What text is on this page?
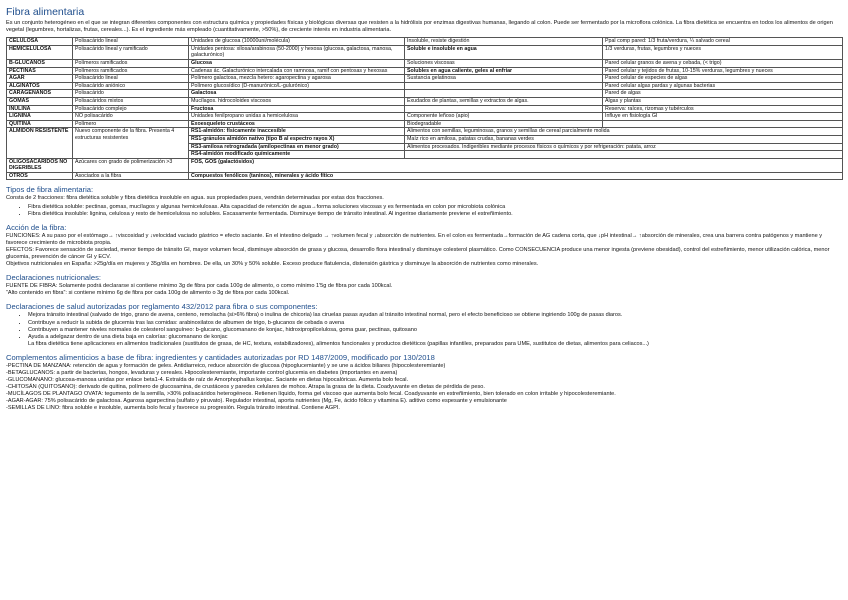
Fibra alimentaria

Es un conjunto heterogéneo en el que se integran diferentes componentes con estructura química y propiedades físicas y biológicas diversas que resisten a la hidrólisis por enzimas digestivas humanas, llegando al colon. Puede ser fermentado por la microflora colónica. La fibra dietética se encuentra en todos los alimentos de origen vegetal (legumbres, hortalizas, frutas, cereales...). Es el ingrediente más empleado (cuantitativamente, >50%), de creciente interés en industria alimentaria.

CELULOSA	Polisacárido lineal	Unidades de glucosa (10000uni/molécula)	Insoluble, resiste digestión	Ppal comp pared: 1/3 fruta/verdura, ¼ salvado cereal
HEMICELULOSA	Polisacárido lineal y ramificado	Unidades pentosa: xilosa/arabinosa (50-2000) y hexosa (glucosa, galactosa, manosa, galacturónico)	Soluble e insoluble en agua	1/3 verduras, frutas, legumbres y nueces
B-GLUCANOS	Polímeros ramificados	Glucosa	Soluciones viscosas	Pared celular granos de avena y cebada, (< trigo)
PECTINAS	Polímeros ramificados	Cadenas ác. Galacturónico intercalada con ramnosa, ramif con pentosas y hexosas	Solubles en agua caliente, geles al enfriar	Pared celular y tejidos de frutas, 10-15% verduras, legumbres y nueces
AGAR	Polisacárido lineal	Polímero galactosa, mezcla hetero: agaropectina y agarosa	Sustancia gelatinosa	Pared celular de especies de algas
ALGINATOS	Polisacárido aniónico	Polímero glucosídico (D-manurónico/L-gulurónico)		Pared celular algas pardas y algunas bacterias
CARAGENANOS	Polisacárido	Galactosa		Pared de algas
GOMAS	Polisacáridos mixtos	Mucílagos. hidrocoloides viscosos	Exudados de plantas, semillas y extractos de algas.	Algas y plantas
INULINA	Polisacárido complejo	Fructosa		Reserva: raíces, rizomas y tubérculos
LIGNINA	NO polisacárido	Unidades fenilpropano unidas a hemicelulosa	Componente leñoso (apio)	Influye en fisiología GI
QUITINA	Polímero	Exoesqueleto crustáceos	Biodegradable	
ALMIDÓN RESISTENTE	Nuevo componente de la fibra. Presenta 4 estructuras resistentes	RS1-almidón: físicamente inaccesible	Alimentos con semillas, leguminosas, granos y semillas de cereal parcialmente molida	
		RS1-gránulos almidón nativo (tipo B al espectro rayos X)	Maíz rico en amilosa, patatas crudas, bananas verdes	
		RS3-amilosa retrogradada (amilopectinas en menor grado)	Alimentos procesados. Indigeribles mediante procesos físicos o químicos y por refrigeración: patata, arroz	
		RS4-almidón modificado químicamente		
OLIGOSACÁRIDOS NO DIGERIBLES	Azúcares con grado de polimerización >3	FOS, GOS (galactósidos)		
OTROS	Asociados a la fibra	Compuestos fenólicos (taninos), minerales y ácido fítico		
Tipos de fibra alimentaria:

Consta de 2 fracciones: fibra dietética soluble y fibra dietética insoluble en agua. sus propiedades pues, vendrán determinadas por estas dos fracciones.

• Fibra dietética soluble: pectinas, gomas, mucílagos y algunas hemicelulosas. Alta capacidad de retención de agua→forma soluciones viscosas y es fermentada en colon por microbiota colónica
• Fibra dietética insoluble: lignina, celulosa y resto de hemicelulosa no solubles. Escasamente fermentada. Disminuye tiempo de tránsito intestinal. Al ingerirse diariamente previene el estreñimiento.
Acción de la fibra:

FUNCIONES: A su paso por el estómago→ ↑viscosidad y ↓velocidad vaciado gástrico = efecto saciante. En el intestino delgado → ↑volumen fecal y ↓absorción de nutrientes. En el colon es fermentada→formación de AG cadena corta, que ↓pH intestinal→ ↑absorción de minerales, crea una barrera contra patógenos y mantiene y favorece crecimiento de microbiota propia.

EFECTOS: Favorece sensación de saciedad, menor tiempo de tránsito GI, mayor volumen fecal, disminuye absorción de grasa y glucosa, desarrollo flora intestinal y disminuye colesterol plasmático. Como CONSECUENCIA produce una menor ingesta (previene obesidad), control del estreñimiento, menor utilización calórica, menor glucemia, prevención de cáncer GI y ECV.

Objetivos nutricionales en España: >25g/día en mujeres y 35g/día en hombres. De ella, un 30% y 50% soluble. Exceso produce flatulencia, distensión gástrica y disminuye la absorción de nutrientes como minerales.

Declaraciones nutricionales:

FUENTE DE FIBRA: Solamente podrá declararse si contiene mínimo 3g de fibra por cada 100g de alimento, o como mínimo 1'5g de fibra por cada 100kcal.

“Alto contenido en fibra”: si contiene mínimo 6g de fibra por cada 100g de alimento o 3g de fibra por cada 100kcal.

Declaraciones de salud autorizadas por reglamento 432/2012 para fibra o sus componentes:
• Mejora tránsito intestinal (salvado de trigo, grano de avena, centeno, remolacha (si>6% fibra) o inulina de chicoria) las ciruelas pasas ayudan al tránsito intestinal normal, pero el efecto beneficioso se obtiene ingiriendo 100g de pasas diaros.
• Contribuye a reducir la subida de glucemia tras las comidas: arabinoxilatos de albumen de trigo, b-glucanos de cebada o avena
• Contribuyen a mantener niveles normales de colesterol sanguíneo: b-glucano, glucomanano de konjac, hidroxipropilcelulosa, goma guar, pectinas, quitosano
• Ayuda a adelgazar dentro de una dieta baja en calorías: glucomanano de konjac

La fibra dietética tiene aplicaciones en alimentos tradicionales (sustitutos de grasa, de HC, textura, estabilizadores), alimentos funcionales y productos dietéticos (papillas infantiles, preparados para UME, sustitutos de dietas, alimentos para celiacos...)

Complementos alimenticios a base de fibra: ingredientes y cantidades autorizadas por RD 1487/2009, modificado por 130/2018

-PECTINA DE MANZANA: retención de agua y formación de geles. Antidiarreico, reduce absorción de glucosa (hipoglucemiante) y se une a ácidos biliares (hipocolesteremiante)

-BETAGLUCANOS: a partir de bacterias, hongos, levaduras y cereales. Hipocolesteremiante, importante control glucemia en diabetes (importantes en avena)

-GLUCOMANANO: glucosa-manosa unidas por enlace beta1-4. Extraída de raíz de Amorphophallus konjac. Saciante en dietas hipocalóricas. Aumenta bolo fecal.

-CHITOSÁN (QUITOSANO): derivado de quitina, polímero de glucosamina, de crustáceos y paredes celulares de mohos. Atrapa la grasa de la dieta. Coadyuvante en dietas de pérdida de peso.

-MUCÍLAGOS DE PLANTAGO OVATA: tegumento de la semilla, >30% polisacáridos heterogéneos. Retienen líquido, forma gel viscoso que aumenta bolo fecal. Coadyuvante en estreñimiento, bien tolerado en colon irritable y hipocolesteremiante.

-AGAR-AGAR: 75% polisacárido de galactosa. Agarosa agarpectina (sulfato y piruvato). Regulador intestinal, aporta nutrientes (Mg, Fe, ácido fólico y vitamina E). aditivo como espesante y emulsionante

-SEMILLAS DE LINO: fibra soluble e insoluble, aumenta bolo fecal y favorece su progresión. Regula tránsito intestinal. Contiene AGPI.
